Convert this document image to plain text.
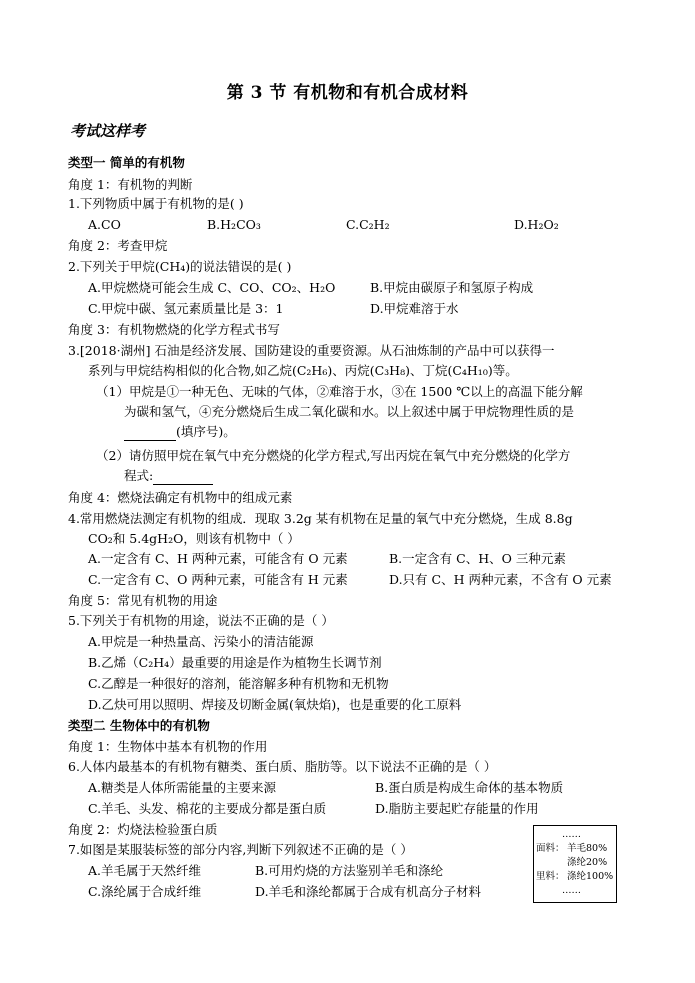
第 3 节 有机物和有机合成材料
考试这样考
类型一 简单的有机物
角度 1：有机物的判断
1.下列物质中属于有机物的是( )
A.CO	B.H₂CO₃	C.C₂H₂	D.H₂O₂
角度 2：考查甲烷
2.下列关于甲烷(CH₄)的说法错误的是( )
A.甲烷燃烧可能会生成 C、CO、CO₂、H₂O	B.甲烷由碳原子和氢原子构成
C.甲烷中碳、氢元素质量比是 3：1	D.甲烷难溶于水
角度 3：有机物燃烧的化学方程式书写
3.[2018·湖州] 石油是经济发展、国防建设的重要资源。从石油炼制的产品中可以获得一
系列与甲烷结构相似的化合物,如乙烷(C₂H₆)、丙烷(C₃H₈)、丁烷(C₄H₁₀)等。
（1）甲烷是①一种无色、无味的气体，②难溶于水，③在 1500 ℃以上的高温下能分解
为碳和氢气，④充分燃烧后生成二氧化碳和水。以上叙述中属于甲烷物理性质的是
(填序号)。
（2）请仿照甲烷在氧气中充分燃烧的化学方程式,写出丙烷在氧气中充分燃烧的化学方
程式:
角度 4：燃烧法确定有机物中的组成元素
4.常用燃烧法测定有机物的组成．现取 3.2g 某有机物在足量的氧气中充分燃烧，生成 8.8g
CO₂和 5.4gH₂O，则该有机物中（ ）
A.一定含有 C、H 两种元素，可能含有 O 元素	B.一定含有 C、H、O 三种元素
C.一定含有 C、O 两种元素，可能含有 H 元素	D.只有 C、H 两种元素，不含有 O 元素
角度 5：常见有机物的用途
5.下列关于有机物的用途，说法不正确的是（ ）
A.甲烷是一种热量高、污染小的清洁能源
B.乙烯（C₂H₄）最重要的用途是作为植物生长调节剂
C.乙醇是一种很好的溶剂，能溶解多种有机物和无机物
D.乙炔可用以照明、焊接及切断金属(氧炔焰)，也是重要的化工原料
类型二 生物体中的有机物
角度 1：生物体中基本有机物的作用
6.人体内最基本的有机物有糖类、蛋白质、脂肪等。以下说法不正确的是（ ）
A.糖类是人体所需能量的主要来源	B.蛋白质是构成生命体的基本物质
C.羊毛、头发、棉花的主要成分都是蛋白质	D.脂肪主要起贮存能量的作用
角度 2：灼烧法检验蛋白质
7.如图是某服装标签的部分内容,判断下列叙述不正确的是（ ）
A.羊毛属于天然纤维	B.可用灼烧的方法鉴别羊毛和涤纶
C.涤纶属于合成纤维	D.羊毛和涤纶都属于合成有机高分子材料
……
面料： 羊毛80%
涤纶20%
里料： 涤纶100%
……
